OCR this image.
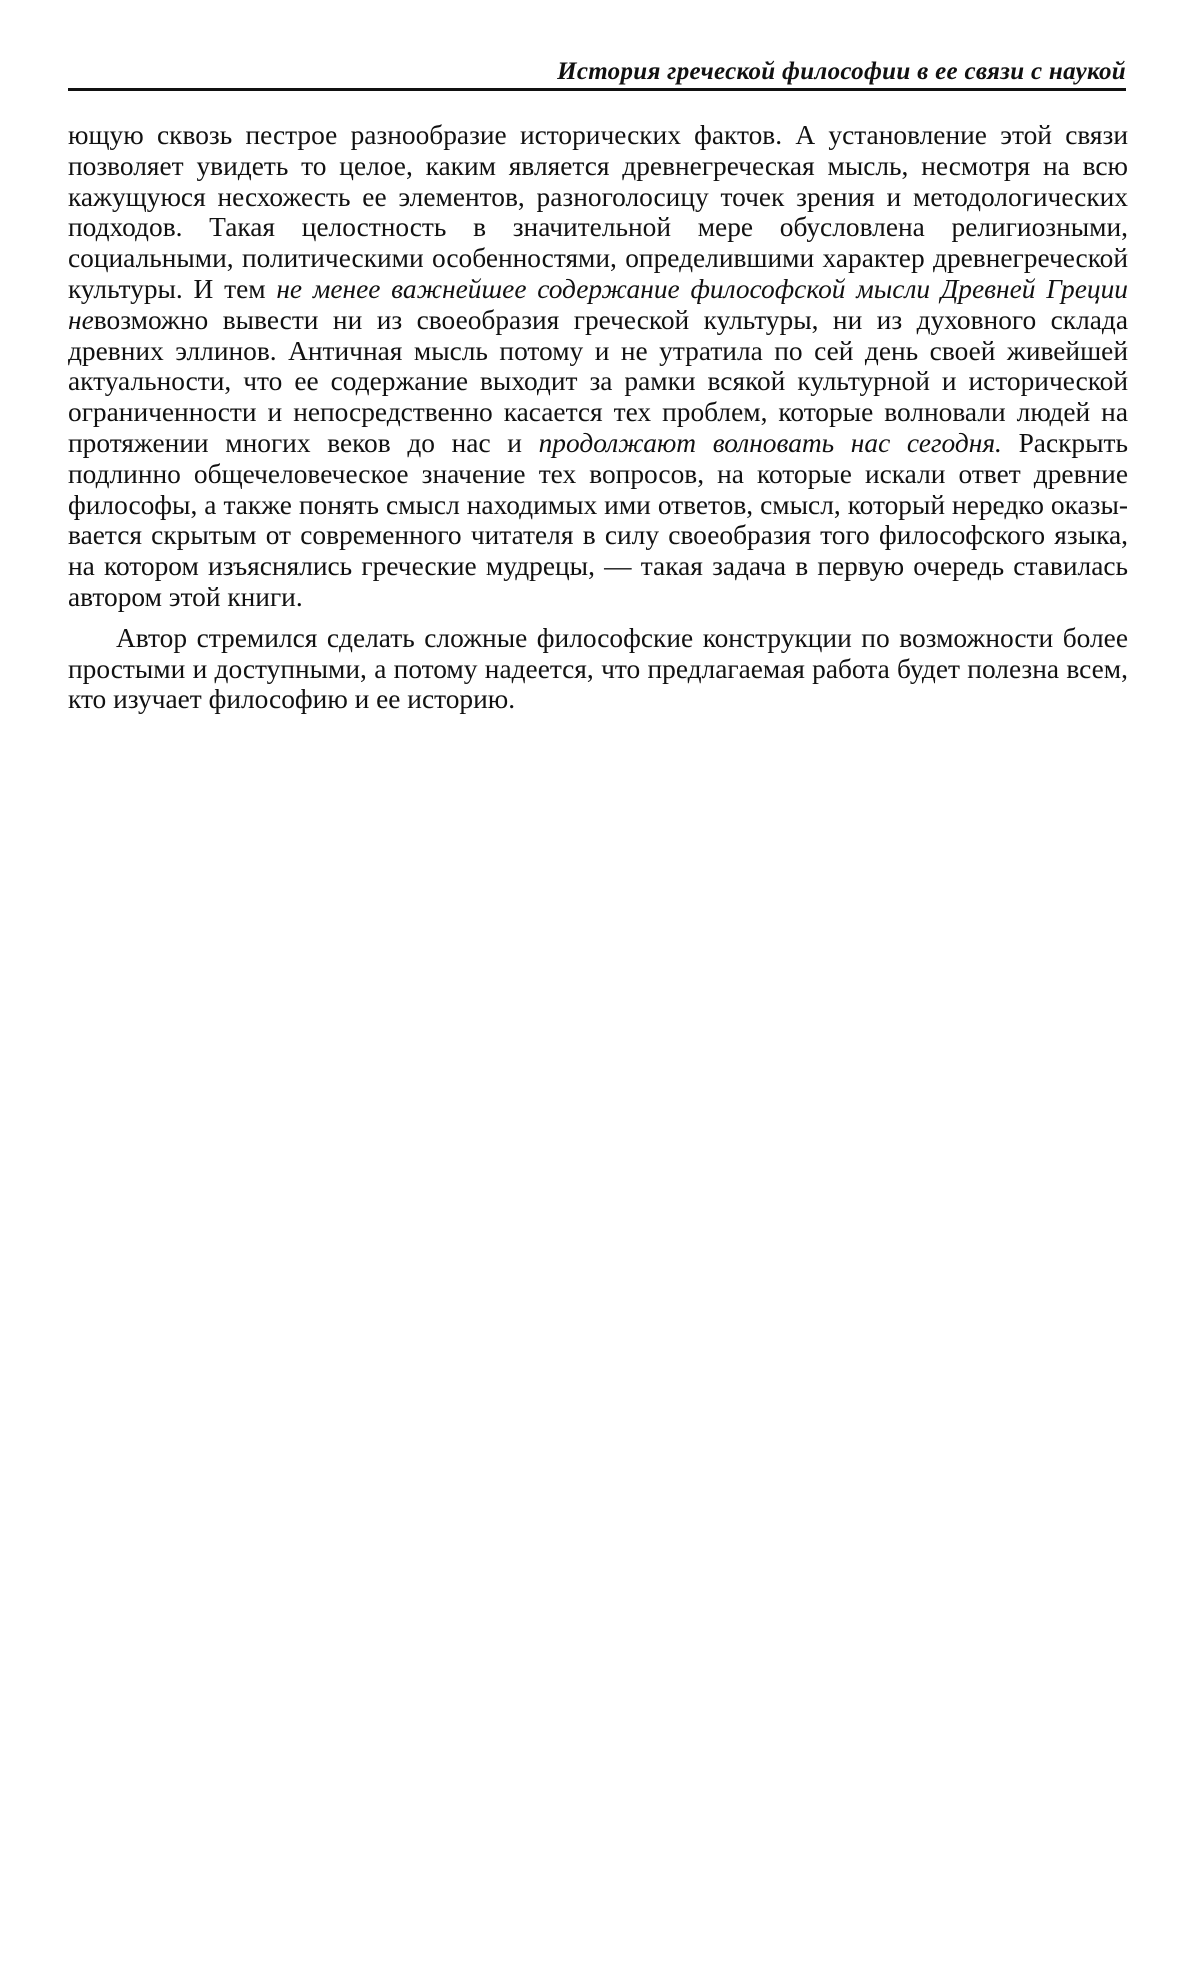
История греческой философии в ее связи с наукой

ющую сквозь пестрое разнообразие исторических фактов. А установление этой связи позволяет увидеть то целое, каким является древнегреческая мысль, несмотря на всю кажущуюся несхожесть ее элементов, разноголосицу точек зрения и методологических подходов. Такая целостность в значительной мере обусловлена религиозными, социальными, политическими особенностями, определившими характер древнегреческой культуры. И тем не менее важнейшее содержание философской мысли Древней Греции невозможно вывести ни из своеобразия греческой культуры, ни из духовного склада древних эллинов. Античная мысль потому и не утратила по сей день своей живейшей актуальности, что ее содержание выходит за рамки всякой культурной и исторической ограниченности и непосредственно касается тех проблем, которые волновали людей на протяжении многих веков до нас и продолжают волновать нас сегодня. Раскрыть подлинно общечеловеческое значение тех вопросов, на которые искали ответ древние философы, а также понять смысл находимых ими ответов, смысл, который нередко оказывается скрытым от современного читателя в силу своеобразия того философского языка, на котором изъяснялись греческие мудрецы, — такая задача в первую очередь ставилась автором этой книги.

Автор стремился сделать сложные философские конструкции по возможности более простыми и доступными, а потому надеется, что предлагаемая работа будет полезна всем, кто изучает философию и ее историю.
